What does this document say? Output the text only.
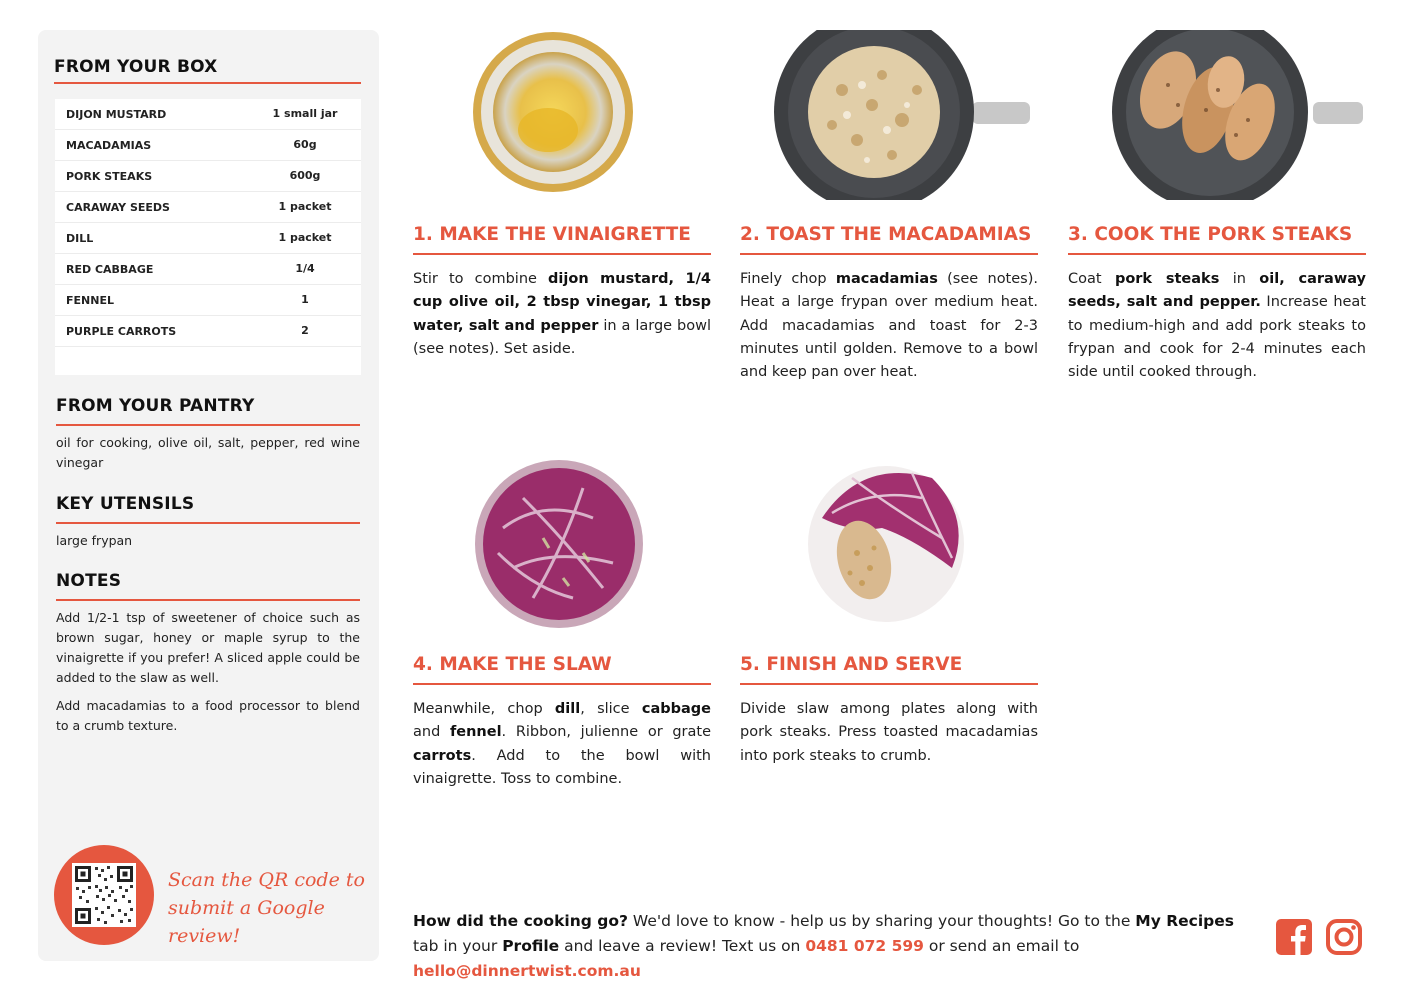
FROM YOUR BOX
DIJON MUSTARD	1 small jar
MACADAMIAS	60g
PORK STEAKS	600g
CARAWAY SEEDS	1 packet
DILL	1 packet
RED CABBAGE	1/4
FENNEL	1
PURPLE CARROTS	2
FROM YOUR PANTRY
oil for cooking, olive oil, salt, pepper, red wine vinegar
KEY UTENSILS
large frypan
NOTES
Add 1/2-1 tsp of sweetener of choice such as brown sugar, honey or maple syrup to the vinaigrette if you prefer! A sliced apple could be added to the slaw as well.
Add macadamias to a food processor to blend to a crumb texture.
Scan the QR code to
submit a Google review!
1. MAKE THE VINAIGRETTE
Stir to combine dijon mustard, 1/4 cup olive oil, 2 tbsp vinegar, 1 tbsp water, salt and pepper in a large bowl (see notes). Set aside.
2. TOAST THE MACADAMIAS
Finely chop macadamias (see notes). Heat a large frypan over medium heat. Add macadamias and toast for 2-3 minutes until golden. Remove to a bowl and keep pan over heat.
3. COOK THE PORK STEAKS
Coat pork steaks in oil, caraway seeds, salt and pepper. Increase heat to medium-high and add pork steaks to frypan and cook for 2-4 minutes each side until cooked through.
4. MAKE THE SLAW
Meanwhile, chop dill, slice cabbage and fennel. Ribbon, julienne or grate carrots. Add to the bowl with vinaigrette. Toss to combine.
5. FINISH AND SERVE
Divide slaw among plates along with pork steaks. Press toasted macadamias into pork steaks to crumb.
How did the cooking go? We'd love to know - help us by sharing your thoughts! Go to the My Recipes tab in your Profile and leave a review! Text us on 0481 072 599 or send an email to hello@dinnertwist.com.au
